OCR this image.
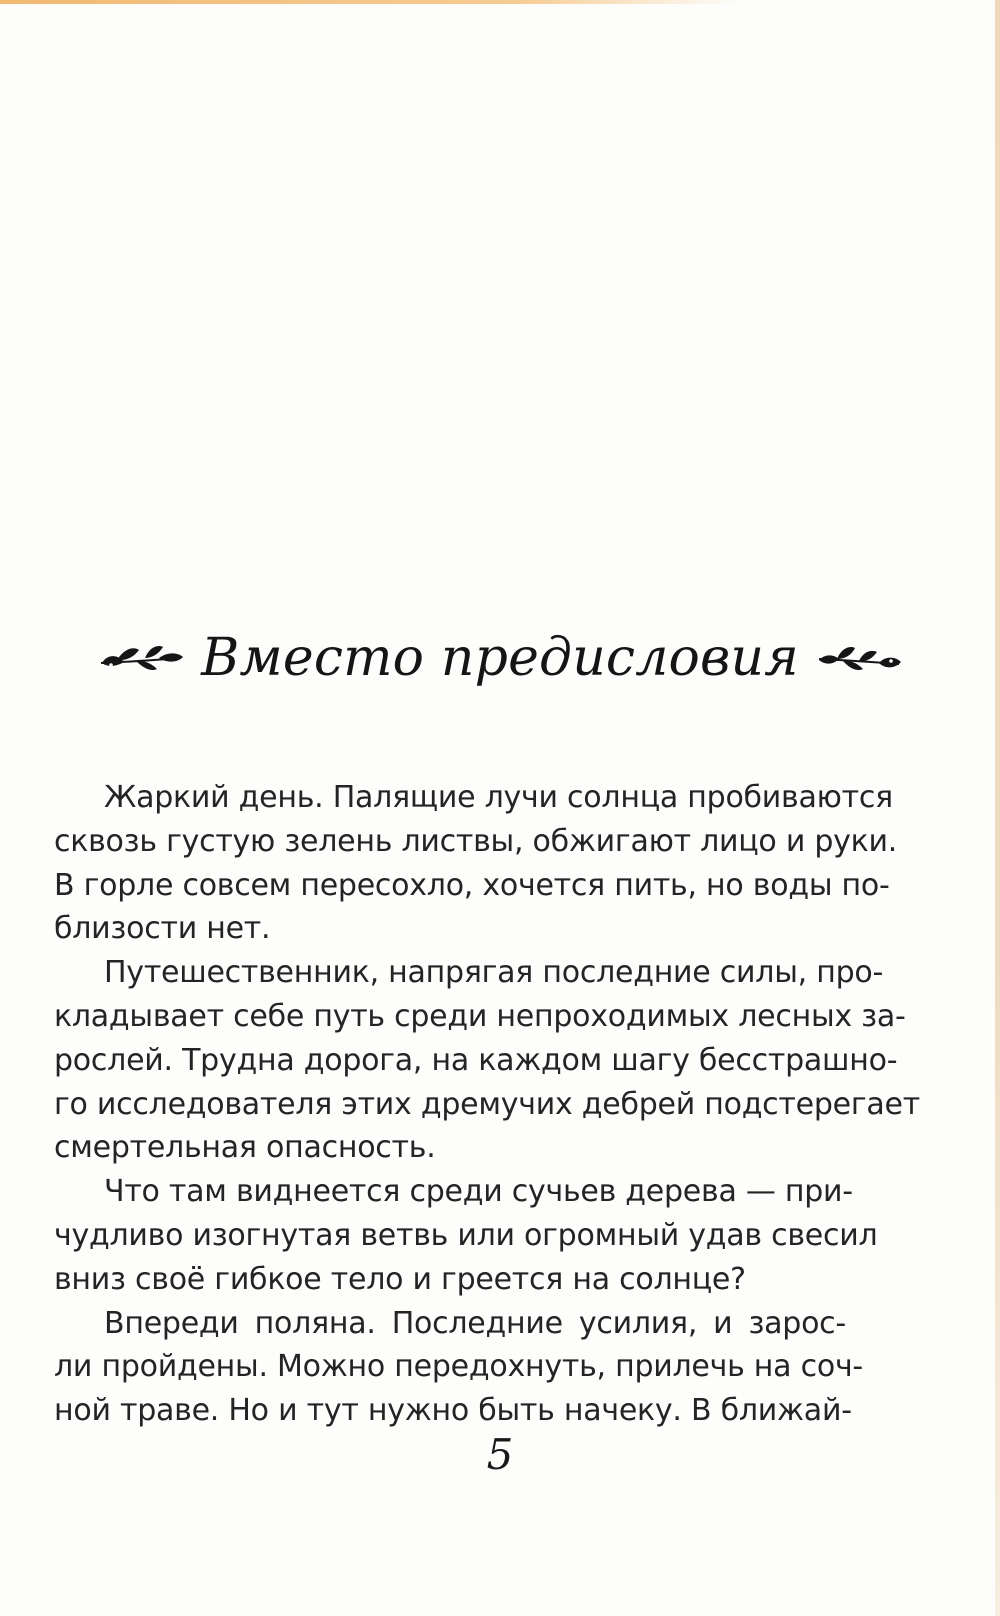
Вместо предисловия
Жаркий день. Палящие лучи солнца пробиваются
сквозь густую зелень листвы, обжигают лицо и руки.
В горле совсем пересохло, хочется пить, но воды по-
близости нет.
Путешественник, напрягая последние силы, про-
кладывает себе путь среди непроходимых лесных за-
рослей. Трудна дорога, на каждом шагу бесстрашно-
го исследователя этих дремучих дебрей подстерегает
смертельная опасность.
Что там виднеется среди сучьев дерева — при-
чудливо изогнутая ветвь или огромный удав свесил
вниз своё гибкое тело и греется на солнце?
Впереди поляна. Последние усилия, и зарос-
ли пройдены. Можно передохнуть, прилечь на соч-
ной траве. Но и тут нужно быть начеку. В ближай-
5
